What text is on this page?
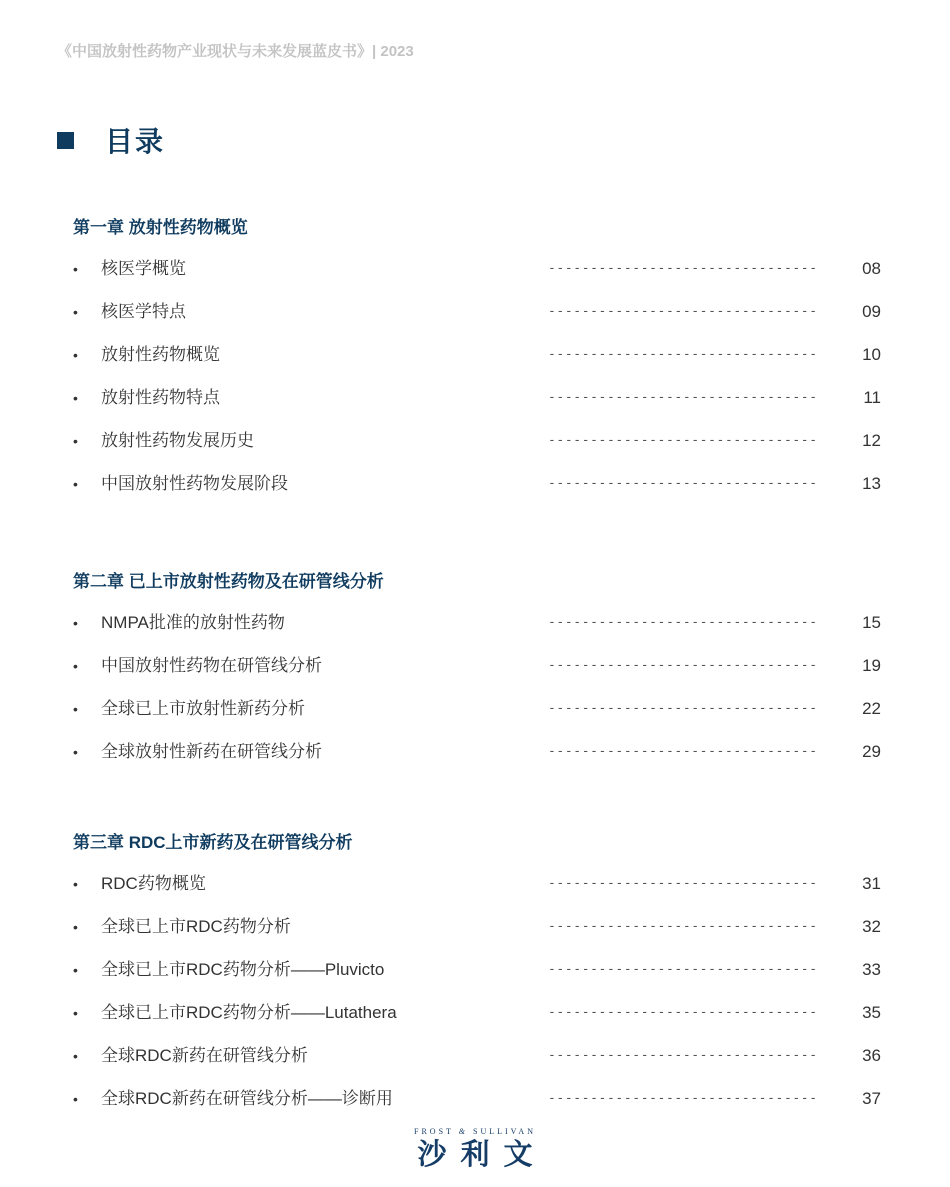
《中国放射性药物产业现状与未来发展蓝皮书》| 2023
目录
第一章 放射性药物概览
• 核医学概览	--------------------------------	08
• 核医学特点	--------------------------------	09
• 放射性药物概览	--------------------------------	10
• 放射性药物特点	--------------------------------	11
• 放射性药物发展历史	--------------------------------	12
• 中国放射性药物发展阶段	--------------------------------	13
第二章 已上市放射性药物及在研管线分析
• NMPA批准的放射性药物	--------------------------------	15
• 中国放射性药物在研管线分析	--------------------------------	19
• 全球已上市放射性新药分析	--------------------------------	22
• 全球放射性新药在研管线分析	--------------------------------	29
第三章 RDC上市新药及在研管线分析
• RDC药物概览	--------------------------------	31
• 全球已上市RDC药物分析	--------------------------------	32
• 全球已上市RDC药物分析——Pluvicto	--------------------------------	33
• 全球已上市RDC药物分析——Lutathera	--------------------------------	35
• 全球RDC新药在研管线分析	--------------------------------	36
• 全球RDC新药在研管线分析——诊断用	--------------------------------	37
FROST & SULLIVAN
沙利文
